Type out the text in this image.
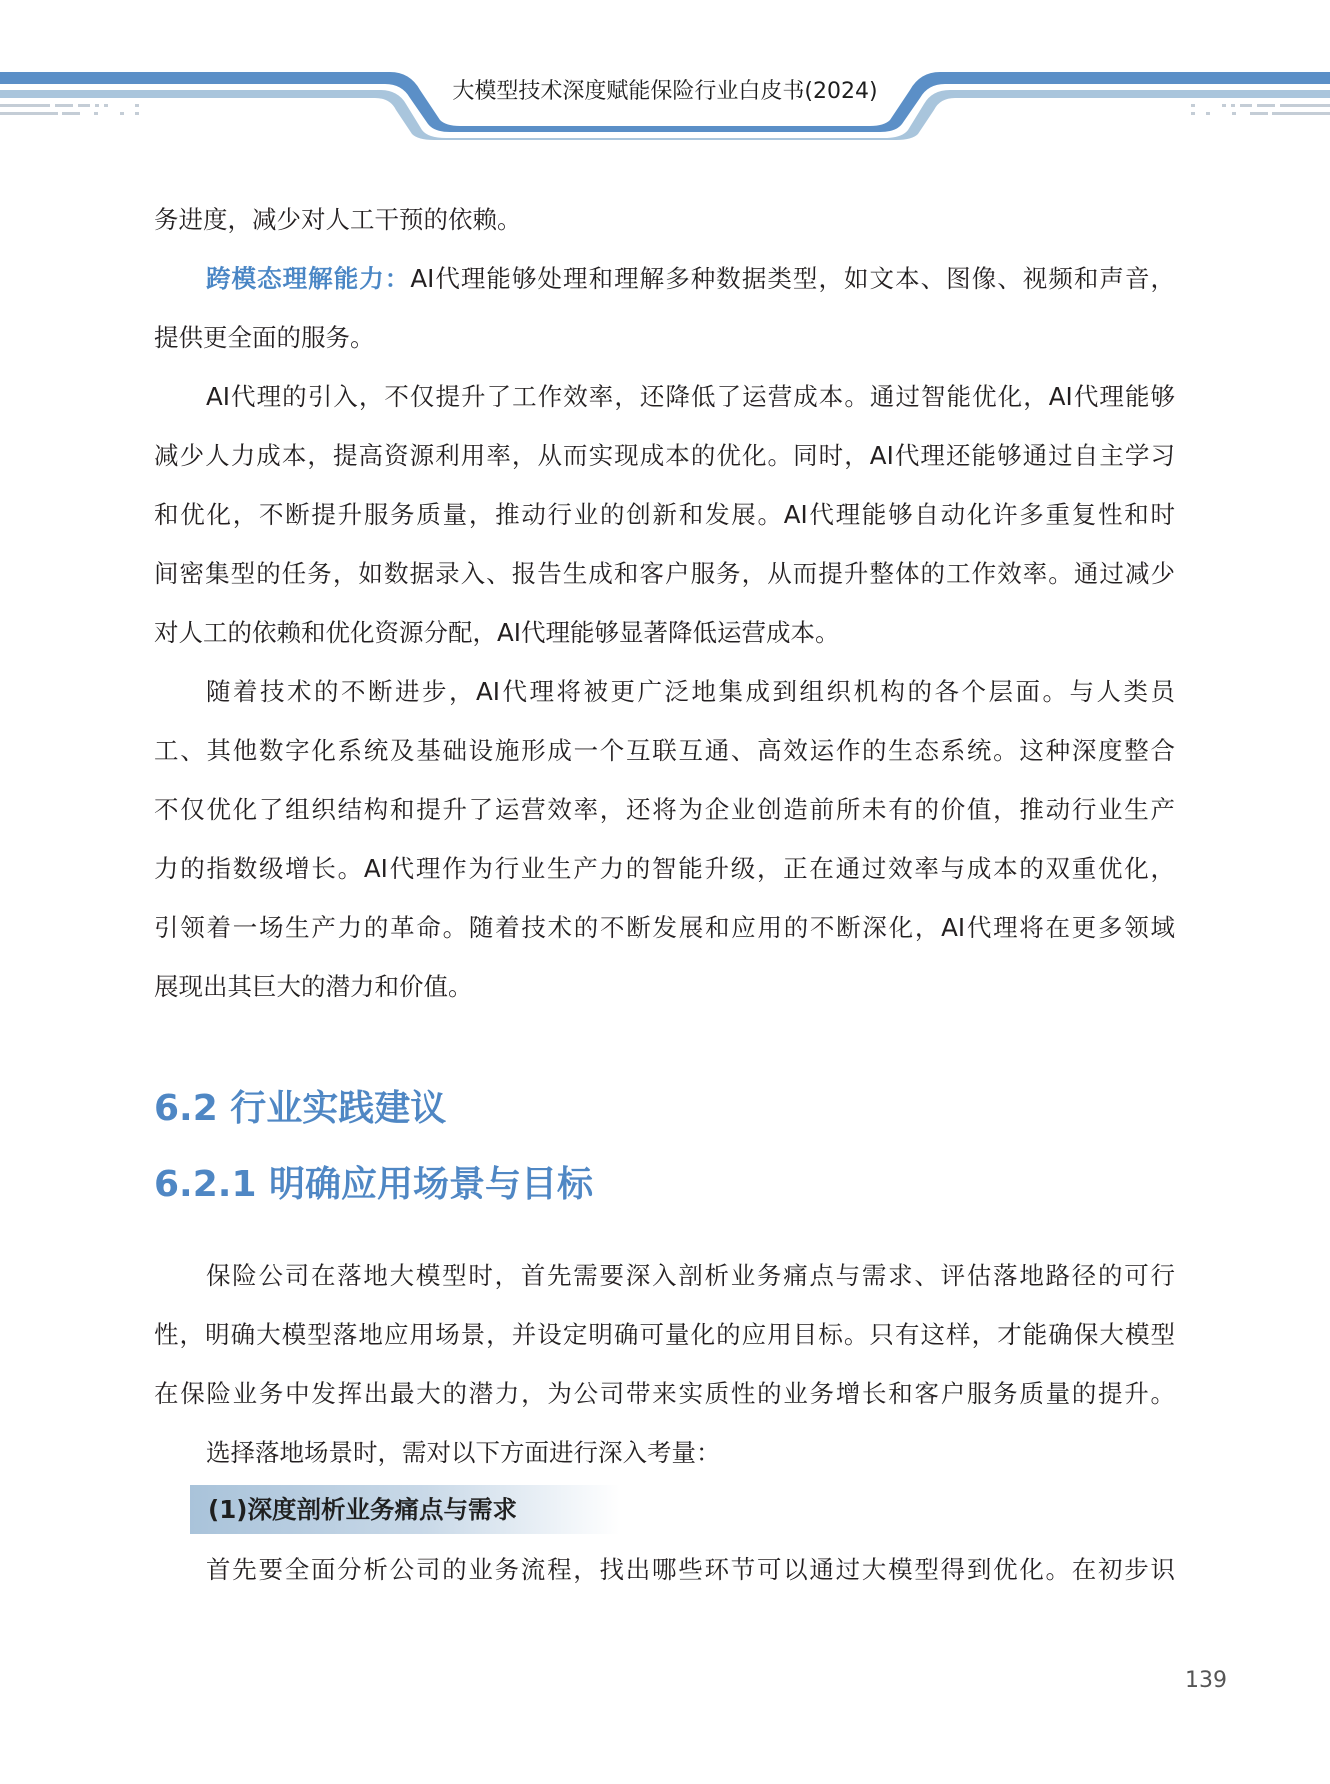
大模型技术深度赋能保险行业白皮书(2024)
务进度，减少对人工干预的依赖。
跨模态理解能力：AI代理能够处理和理解多种数据类型，如文本、图像、视频和声音，
提供更全面的服务。
AI代理的引入，不仅提升了工作效率，还降低了运营成本。通过智能优化，AI代理能够
减少人力成本，提高资源利用率，从而实现成本的优化。同时，AI代理还能够通过自主学习
和优化，不断提升服务质量，推动行业的创新和发展。AI代理能够自动化许多重复性和时
间密集型的任务，如数据录入、报告生成和客户服务，从而提升整体的工作效率。通过减少
对人工的依赖和优化资源分配，AI代理能够显著降低运营成本。
随着技术的不断进步，AI代理将被更广泛地集成到组织机构的各个层面。与人类员
工、其他数字化系统及基础设施形成一个互联互通、高效运作的生态系统。这种深度整合
不仅优化了组织结构和提升了运营效率，还将为企业创造前所未有的价值，推动行业生产
力的指数级增长。AI代理作为行业生产力的智能升级，正在通过效率与成本的双重优化，
引领着一场生产力的革命。随着技术的不断发展和应用的不断深化，AI代理将在更多领域
展现出其巨大的潜力和价值。
6.2 行业实践建议
6.2.1 明确应用场景与目标
保险公司在落地大模型时，首先需要深入剖析业务痛点与需求、评估落地路径的可行
性，明确大模型落地应用场景，并设定明确可量化的应用目标。只有这样，才能确保大模型
在保险业务中发挥出最大的潜力，为公司带来实质性的业务增长和客户服务质量的提升。
选择落地场景时，需对以下方面进行深入考量：
(1)深度剖析业务痛点与需求
首先要全面分析公司的业务流程，找出哪些环节可以通过大模型得到优化。在初步识
139
